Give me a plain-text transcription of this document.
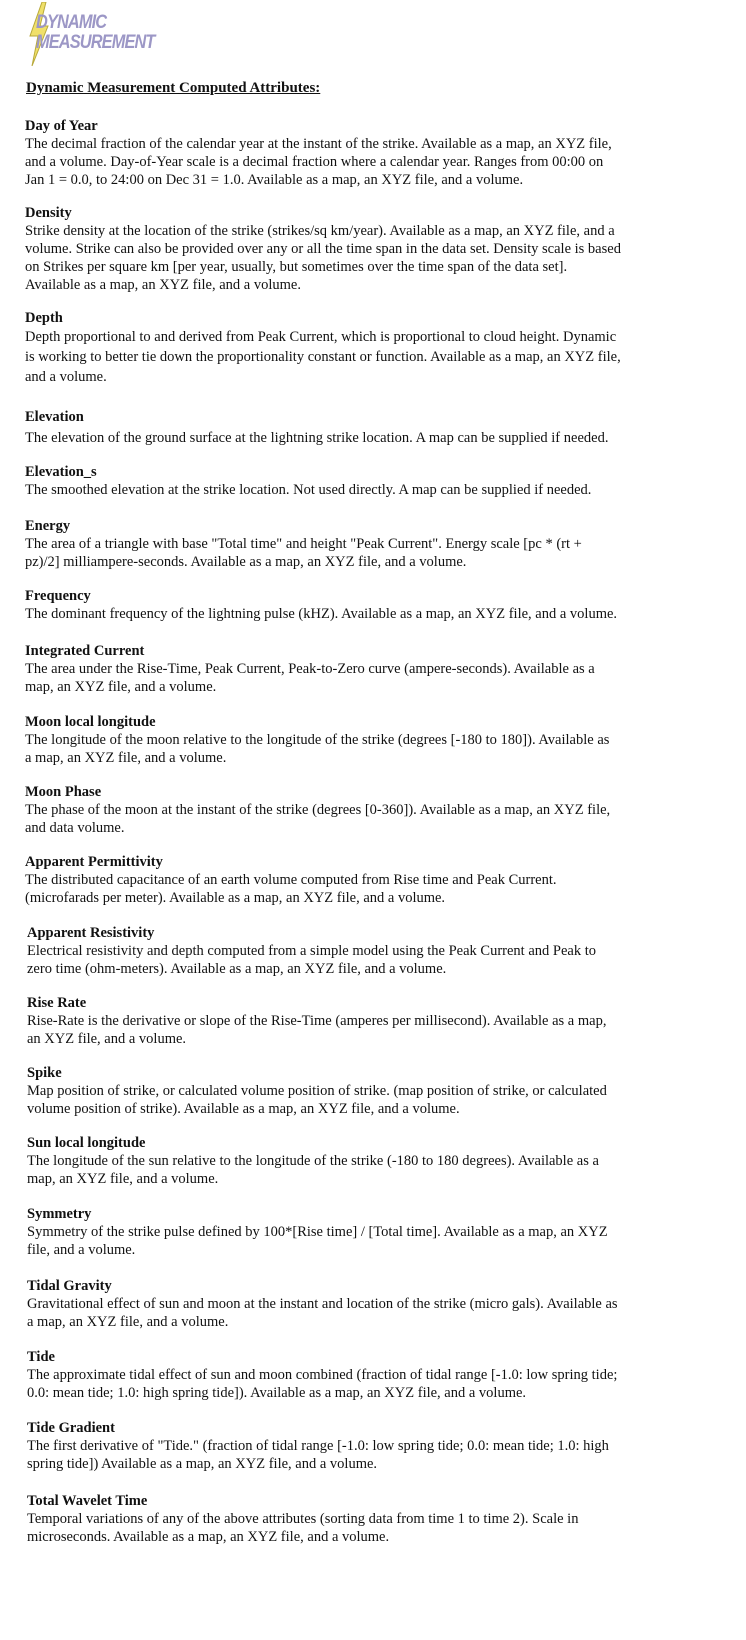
DYNAMIC
MEASUREMENT
Dynamic Measurement Computed Attributes:
Day of Year
The decimal fraction of the calendar year at the instant of the strike. Available as a map, an XYZ file,
and a volume. Day-of-Year scale is a decimal fraction where a calendar year. Ranges from 00:00 on
Jan 1 = 0.0, to 24:00 on Dec 31 = 1.0. Available as a map, an XYZ file, and a volume.
Density
Strike density at the location of the strike (strikes/sq km/year). Available as a map, an XYZ file, and a
volume. Strike can also be provided over any or all the time span in the data set. Density scale is based
on Strikes per square km [per year, usually, but sometimes over the time span of the data set].
Available as a map, an XYZ file, and a volume.
Depth
Depth proportional to and derived from Peak Current, which is proportional to cloud height. Dynamic
is working to better tie down the proportionality constant or function. Available as a map, an XYZ file,
and a volume.
Elevation
The elevation of the ground surface at the lightning strike location. A map can be supplied if needed.
Elevation_s
The smoothed elevation at the strike location. Not used directly. A map can be supplied if needed.
Energy
The area of a triangle with base "Total time" and height "Peak Current". Energy scale [pc * (rt +
pz)/2] milliampere-seconds. Available as a map, an XYZ file, and a volume.
Frequency
The dominant frequency of the lightning pulse (kHZ). Available as a map, an XYZ file, and a volume.
Integrated Current
The area under the Rise-Time, Peak Current, Peak-to-Zero curve (ampere-seconds). Available as a
map, an XYZ file, and a volume.
Moon local longitude
The longitude of the moon relative to the longitude of the strike (degrees [-180 to 180]). Available as
a map, an XYZ file, and a volume.
Moon Phase
The phase of the moon at the instant of the strike (degrees [0-360]). Available as a map, an XYZ file,
and data volume.
Apparent Permittivity
The distributed capacitance of an earth volume computed from Rise time and Peak Current.
(microfarads per meter). Available as a map, an XYZ file, and a volume.
Apparent Resistivity
Electrical resistivity and depth computed from a simple model using the Peak Current and Peak to
zero time (ohm-meters). Available as a map, an XYZ file, and a volume.
Rise Rate
Rise-Rate is the derivative or slope of the Rise-Time (amperes per millisecond). Available as a map,
an XYZ file, and a volume.
Spike
Map position of strike, or calculated volume position of strike. (map position of strike, or calculated
volume position of strike). Available as a map, an XYZ file, and a volume.
Sun local longitude
The longitude of the sun relative to the longitude of the strike (-180 to 180 degrees). Available as a
map, an XYZ file, and a volume.
Symmetry
Symmetry of the strike pulse defined by 100*[Rise time] / [Total time]. Available as a map, an XYZ
file, and a volume.
Tidal Gravity
Gravitational effect of sun and moon at the instant and location of the strike (micro gals). Available as
a map, an XYZ file, and a volume.
Tide
The approximate tidal effect of sun and moon combined (fraction of tidal range [-1.0: low spring tide;
0.0: mean tide; 1.0: high spring tide]). Available as a map, an XYZ file, and a volume.
Tide Gradient
The first derivative of "Tide." (fraction of tidal range [-1.0: low spring tide; 0.0: mean tide; 1.0: high
spring tide]) Available as a map, an XYZ file, and a volume.
Total Wavelet Time
Temporal variations of any of the above attributes (sorting data from time 1 to time 2). Scale in
microseconds. Available as a map, an XYZ file, and a volume.
